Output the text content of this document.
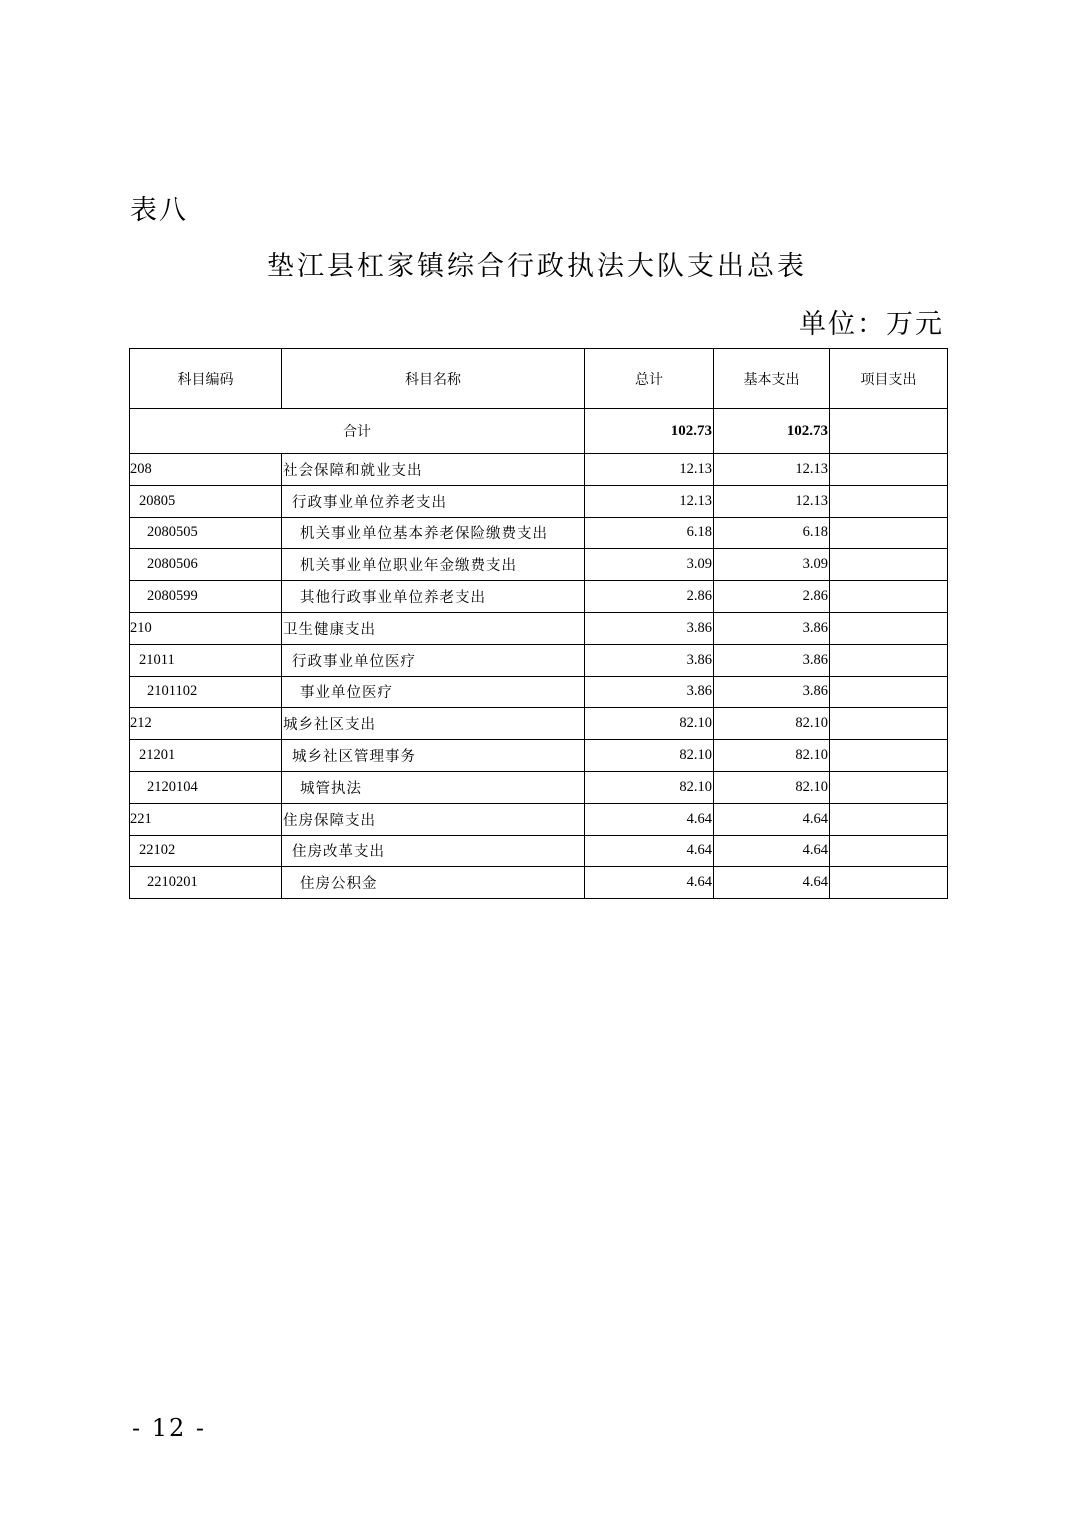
表八
垫江县杠家镇综合行政执法大队支出总表
单位：万元
科目编码	科目名称	总计	基本支出	项目支出
合计		102.73	102.73	
208	社会保障和就业支出	12.13	12.13	
20805	行政事业单位养老支出	12.13	12.13	
2080505	机关事业单位基本养老保险缴费支出	6.18	6.18	
2080506	机关事业单位职业年金缴费支出	3.09	3.09	
2080599	其他行政事业单位养老支出	2.86	2.86	
210	卫生健康支出	3.86	3.86	
21011	行政事业单位医疗	3.86	3.86	
2101102	事业单位医疗	3.86	3.86	
212	城乡社区支出	82.10	82.10	
21201	城乡社区管理事务	82.10	82.10	
2120104	城管执法	82.10	82.10	
221	住房保障支出	4.64	4.64	
22102	住房改革支出	4.64	4.64	
2210201	住房公积金	4.64	4.64	
- 12 -
